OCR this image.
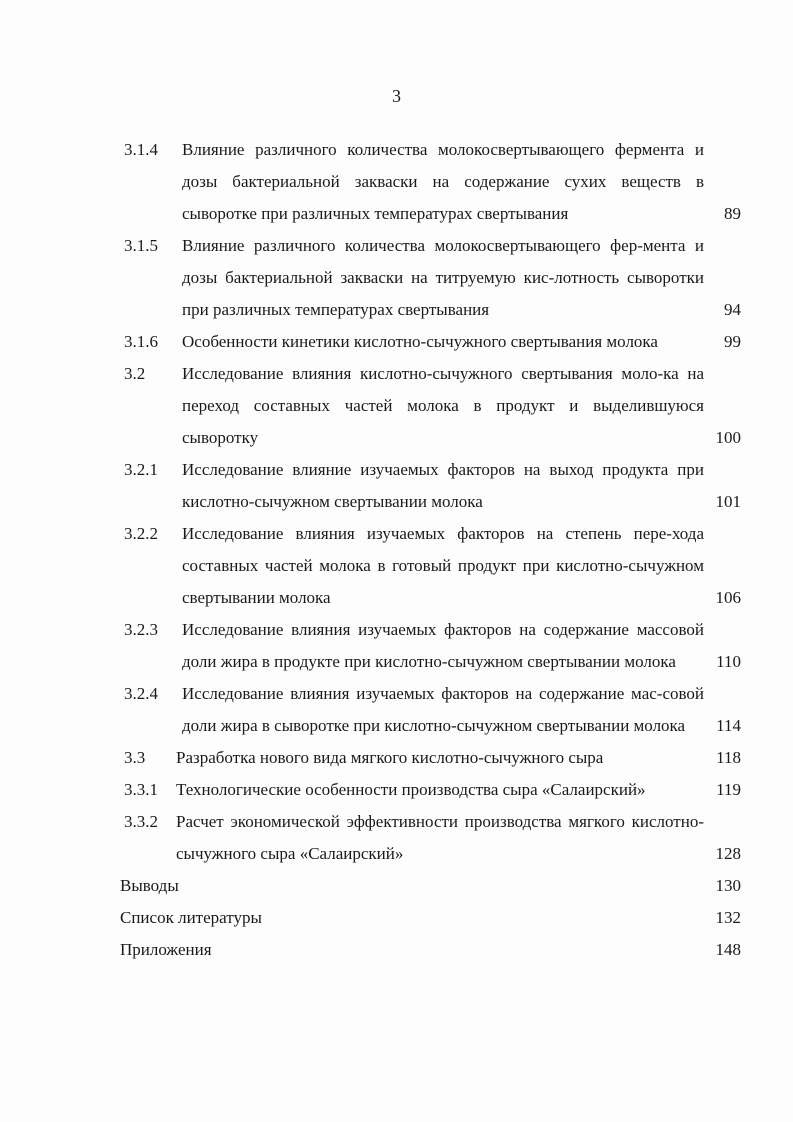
3
3.1.4 Влияние различного количества молокосвертывающего фермента и дозы бактериальной закваски на содержание сухих веществ в сыворотке при различных температурах свертывания	89
3.1.5 Влияние различного количества молокосвертывающего фер-мента и дозы бактериальной закваски на титруемую кис-лотность сыворотки при различных температурах свертывания	94
3.1.6 Особенности кинетики кислотно-сычужного свертывания молока	99
3.2 Исследование влияния кислотно-сычужного свертывания моло-ка на переход составных частей молока в продукт и выделившуюся сыворотку	100
3.2.1 Исследование влияние изучаемых факторов на выход продукта при кислотно-сычужном свертывании молока	101
3.2.2 Исследование влияния изучаемых факторов на степень пере-хода составных частей молока в готовый продукт при кислотно-сычужном свертывании молока	106
3.2.3 Исследование влияния изучаемых факторов на содержание массовой доли жира в продукте при кислотно-сычужном свертывании молока	110
3.2.4 Исследование влияния изучаемых факторов на содержание мас-совой доли жира в сыворотке при кислотно-сычужном свертывании молока	114
3.3 Разработка нового вида мягкого кислотно-сычужного сыра	118
3.3.1 Технологические особенности производства сыра «Салаирский»	119
3.3.2 Расчет экономической эффективности производства мягкого кислотно-сычужного сыра «Салаирский»	128
Выводы	130
Список литературы	132
Приложения	148
